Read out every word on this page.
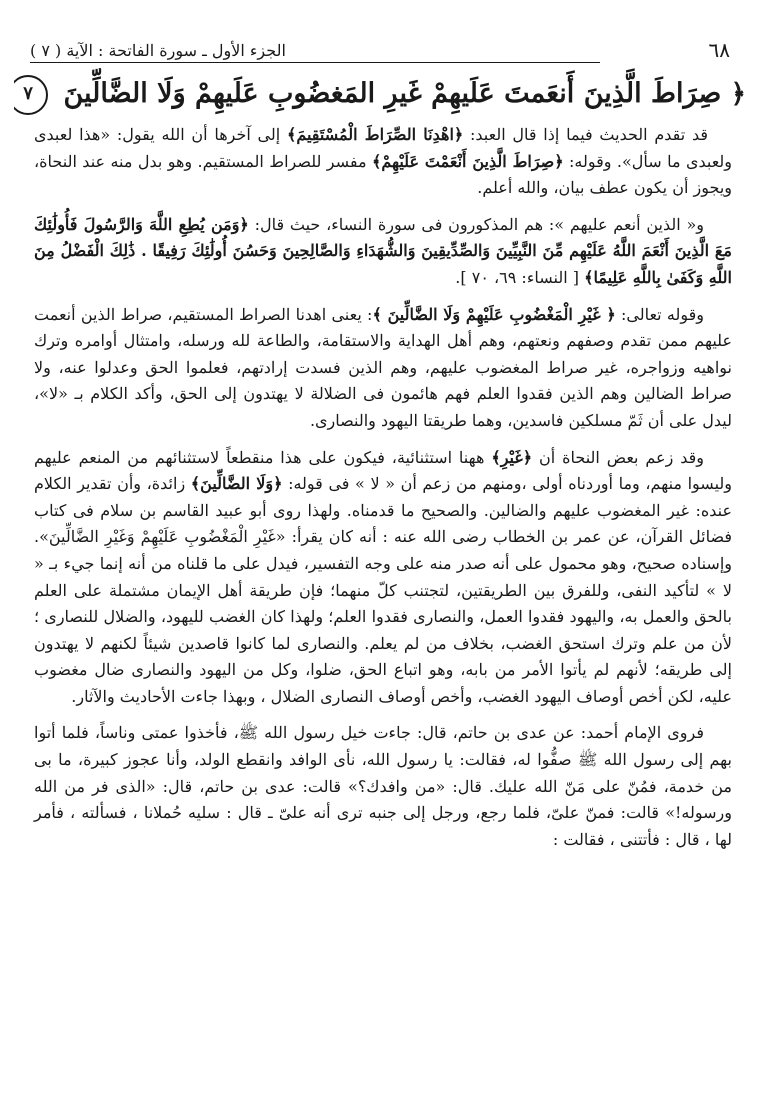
٦٨
الجزء الأول ـ سورة الفاتحة : الآية ( ٧ )
﴿ صِرَاطَ الَّذِينَ أَنعَمتَ عَلَيهِمْ غَيرِ المَغضُوبِ عَلَيهِمْ وَلَا الضَّالِّينَ ٧

قد تقدم الحديث فيما إذا قال العبد: ﴿اهْدِنَا الصِّرَاطَ الْمُسْتَقِيمَ﴾ إلى آخرها أن الله يقول: «هذا لعبدى ولعبدى ما سأل». وقوله: ﴿صِرَاطَ الَّذِينَ أَنْعَمْتَ عَلَيْهِمْ﴾ مفسر للصراط المستقيم. وهو بدل منه عند النحاة، ويجوز أن يكون عطف بيان، والله أعلم.

و« الذين أنعم عليهم »: هم المذكورون فى سورة النساء، حيث قال: ﴿وَمَن يُطِعِ اللَّهَ وَالرَّسُولَ فَأُولَٰئِكَ مَعَ الَّذِينَ أَنْعَمَ اللَّهُ عَلَيْهِم مِّنَ النَّبِيِّينَ وَالصِّدِّيقِينَ وَالشُّهَدَاءِ وَالصَّالِحِينَ وَحَسُنَ أُولَٰئِكَ رَفِيقًا . ذَٰلِكَ الْفَضْلُ مِنَ اللَّهِ وَكَفَىٰ بِاللَّهِ عَلِيمًا﴾ [ النساء: ٦٩، ٧٠ ].

وقوله تعالى: ﴿ غَيْرِ الْمَغْضُوبِ عَلَيْهِمْ وَلَا الضَّالِّينَ ﴾: يعنى اهدنا الصراط المستقيم، صراط الذين أنعمت عليهم ممن تقدم وصفهم ونعتهم، وهم أهل الهداية والاستقامة، والطاعة لله ورسله، وامتثال أوامره وترك نواهيه وزواجره، غير صراط المغضوب عليهم، وهم الذين فسدت إرادتهم، فعلموا الحق وعدلوا عنه، ولا صراط الضالين وهم الذين فقدوا العلم فهم هائمون فى الضلالة لا يهتدون إلى الحق، وأكد الكلام بـ «لا»، ليدل على أن ثَمّ مسلكين فاسدين، وهما طريقتا اليهود والنصارى.

وقد زعم بعض النحاة أن ﴿غَيْرِ﴾ ههنا استثنائية، فيكون على هذا منقطعاً لاستثنائهم من المنعم عليهم وليسوا منهم، وما أوردناه أولى ،ومنهم من زعم أن « لا » فى قوله: ﴿وَلَا الضَّالِّينَ﴾ زائدة، وأن تقدير الكلام عنده: غير المغضوب عليهم والضالين. والصحيح ما قدمناه. ولهذا روى أبو عبيد القاسم بن سلام فى كتاب فضائل القرآن، عن عمر بن الخطاب رضى الله عنه : أنه كان يقرأ: «غَيْرِ الْمَغْضُوبِ عَلَيْهِمْ وَغَيْرِ الضَّالِّينَ». وإسناده صحيح، وهو محمول على أنه صدر منه على وجه التفسير، فيدل على ما قلناه من أنه إنما جيء بـ « لا » لتأكيد النفى، وللفرق بين الطريقتين، لتجتنب كلّ منهما؛ فإن طريقة أهل الإيمان مشتملة على العلم بالحق والعمل به، واليهود فقدوا العمل، والنصارى فقدوا العلم؛ ولهذا كان الغضب لليهود، والضلال للنصارى ؛ لأن من علم وترك استحق الغضب، بخلاف من لم يعلم. والنصارى لما كانوا قاصدين شيئاً لكنهم لا يهتدون إلى طريقه؛ لأنهم لم يأتوا الأمر من بابه، وهو اتباع الحق، ضلوا، وكل من اليهود والنصارى ضال مغضوب عليه، لكن أخص أوصاف اليهود الغضب، وأخص أوصاف النصارى الضلال ، وبهذا جاءت الأحاديث والآثار.

فروى الإمام أحمد: عن عدى بن حاتم، قال: جاءت خيل رسول الله ﷺ، فأخذوا عمتى وناساً، فلما أتوا بهم إلى رسول الله ﷺ صفُّوا له، فقالت: يا رسول الله، نأى الوافد وانقطع الولد، وأنا عجوز كبيرة، ما بى من خدمة، فمُنّ على مَنّ الله عليك. قال: «من وافدك؟» قالت: عدى بن حاتم، قال: «الذى فر من الله ورسوله!» قالت: فمنّ علىّ، فلما رجع، ورجل إلى جنبه ترى أنه علىّ ـ قال : سليه حُملانا ، فسألته ، فأمر لها ، قال : فأتتنى ، فقالت :
